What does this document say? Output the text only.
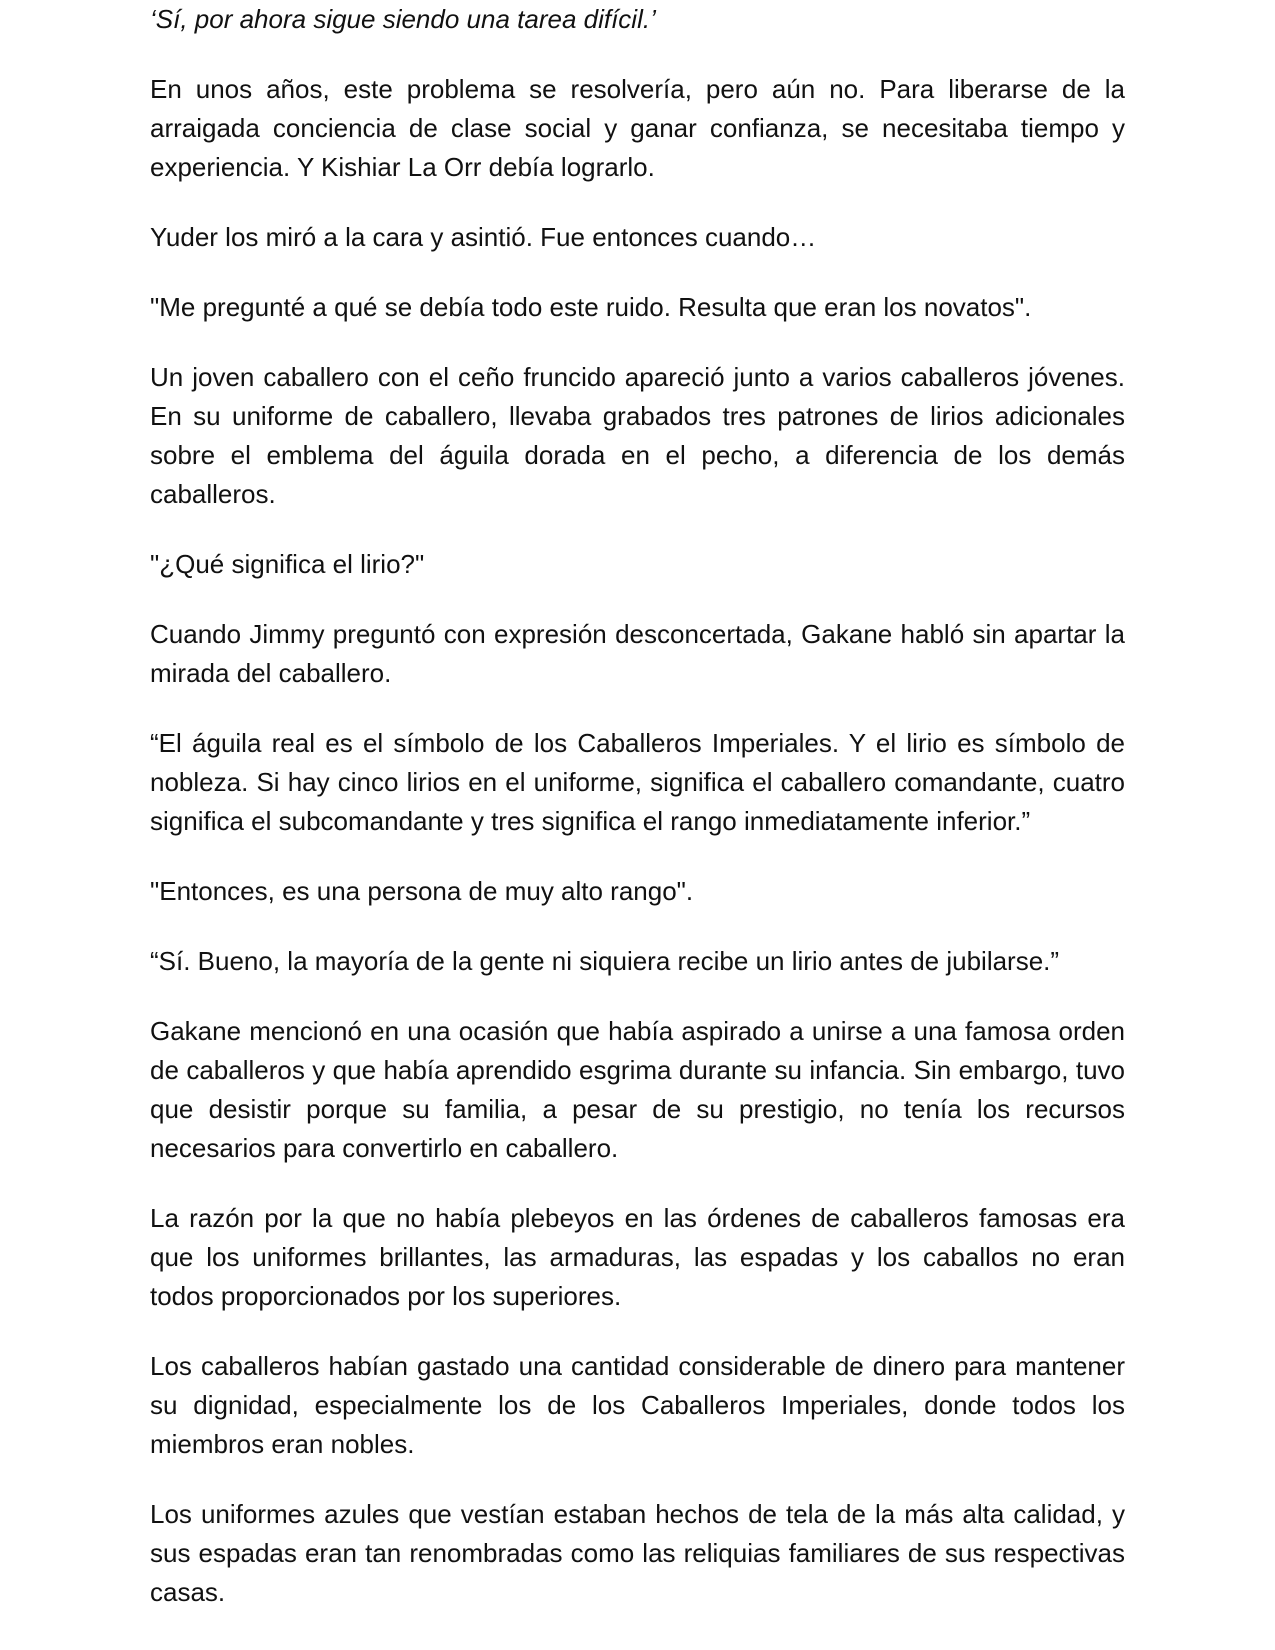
‘Sí, por ahora sigue siendo una tarea difícil.’

En unos años, este problema se resolvería, pero aún no. Para liberarse de la arraigada conciencia de clase social y ganar confianza, se necesitaba tiempo y experiencia. Y Kishiar La Orr debía lograrlo.

Yuder los miró a la cara y asintió. Fue entonces cuando…

"Me pregunté a qué se debía todo este ruido. Resulta que eran los novatos".

Un joven caballero con el ceño fruncido apareció junto a varios caballeros jóvenes. En su uniforme de caballero, llevaba grabados tres patrones de lirios adicionales sobre el emblema del águila dorada en el pecho, a diferencia de los demás caballeros.

"¿Qué significa el lirio?"

Cuando Jimmy preguntó con expresión desconcertada, Gakane habló sin apartar la mirada del caballero.

“El águila real es el símbolo de los Caballeros Imperiales. Y el lirio es símbolo de nobleza. Si hay cinco lirios en el uniforme, significa el caballero comandante, cuatro significa el subcomandante y tres significa el rango inmediatamente inferior.”

"Entonces, es una persona de muy alto rango".

“Sí. Bueno, la mayoría de la gente ni siquiera recibe un lirio antes de jubilarse.”

Gakane mencionó en una ocasión que había aspirado a unirse a una famosa orden de caballeros y que había aprendido esgrima durante su infancia. Sin embargo, tuvo que desistir porque su familia, a pesar de su prestigio, no tenía los recursos necesarios para convertirlo en caballero.

La razón por la que no había plebeyos en las órdenes de caballeros famosas era que los uniformes brillantes, las armaduras, las espadas y los caballos no eran todos proporcionados por los superiores.

Los caballeros habían gastado una cantidad considerable de dinero para mantener su dignidad, especialmente los de los Caballeros Imperiales, donde todos los miembros eran nobles.

Los uniformes azules que vestían estaban hechos de tela de la más alta calidad, y sus espadas eran tan renombradas como las reliquias familiares de sus respectivas casas.
